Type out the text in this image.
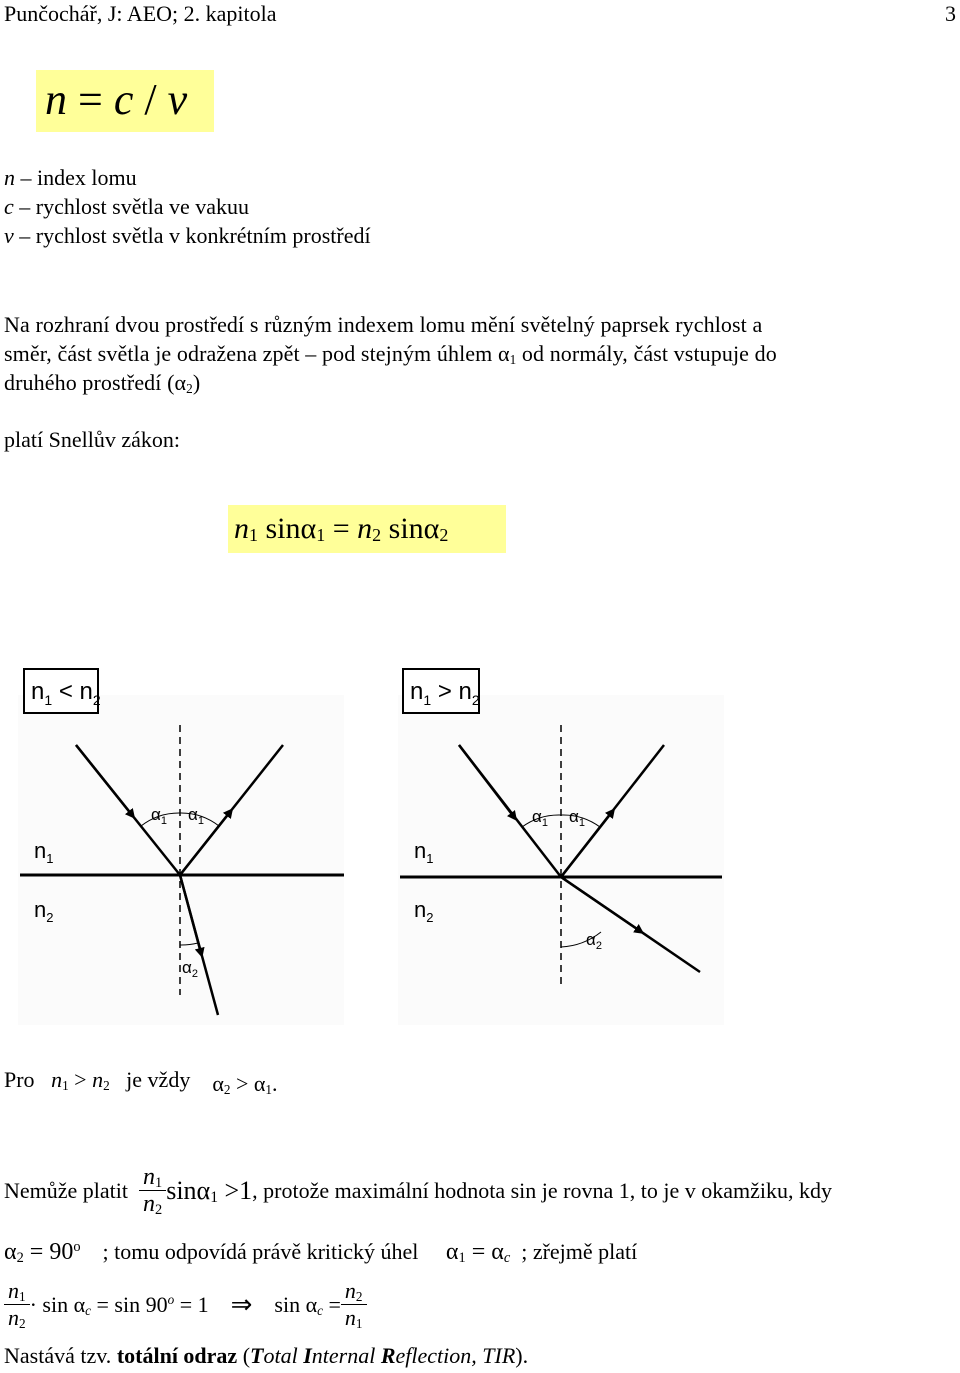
Punčochář, J: AEO; 2. kapitola	3
n = c / v
n – index lomu
c – rychlost světla ve vakuu
v – rychlost světla v konkrétním prostředí
Na rozhraní dvou prostředí s různým indexem lomu mění světelný paprsek rychlost a
směr, část světla je odražena zpět – pod stejným úhlem $\alpha_1$ od normály, část vstupuje do
druhého prostředí $(\alpha_2)$
platí Snellův zákon:
$n_1$ $\sin\alpha_1 = n_2$ sinα$_2$
$n_1 < n_2$
$\alpha_1$ $\alpha_1$
$\alpha_2$
$n_1$
$n_2$
$n_1 > n_2$
$\alpha_1$ $\alpha_1$
$\alpha_2$
$n_1$
$n_2$
Pro $n_1 > n_2$ je vždy $\alpha_2 > \alpha_1$.
Nemůže platit
$\frac{n_1}{n_2} \sin\alpha_1 >1$ , protože maximální hodnota sin je rovna 1, to je v okamžiku, kdy
$\alpha_2 = 90^o$ ; tomu odpovídá právě kritický úhel $\alpha_1 = \alpha_c$ ; zřejmě platí
$\frac{n_1}{n_2} \cdot \sin \alpha_c = \sin 90^o = 1$
⇒
$\sin \alpha_c = \frac{n_2}{n_1}$
Nastává tzv. totální odraz (Total Internal Reflection, TIR).
